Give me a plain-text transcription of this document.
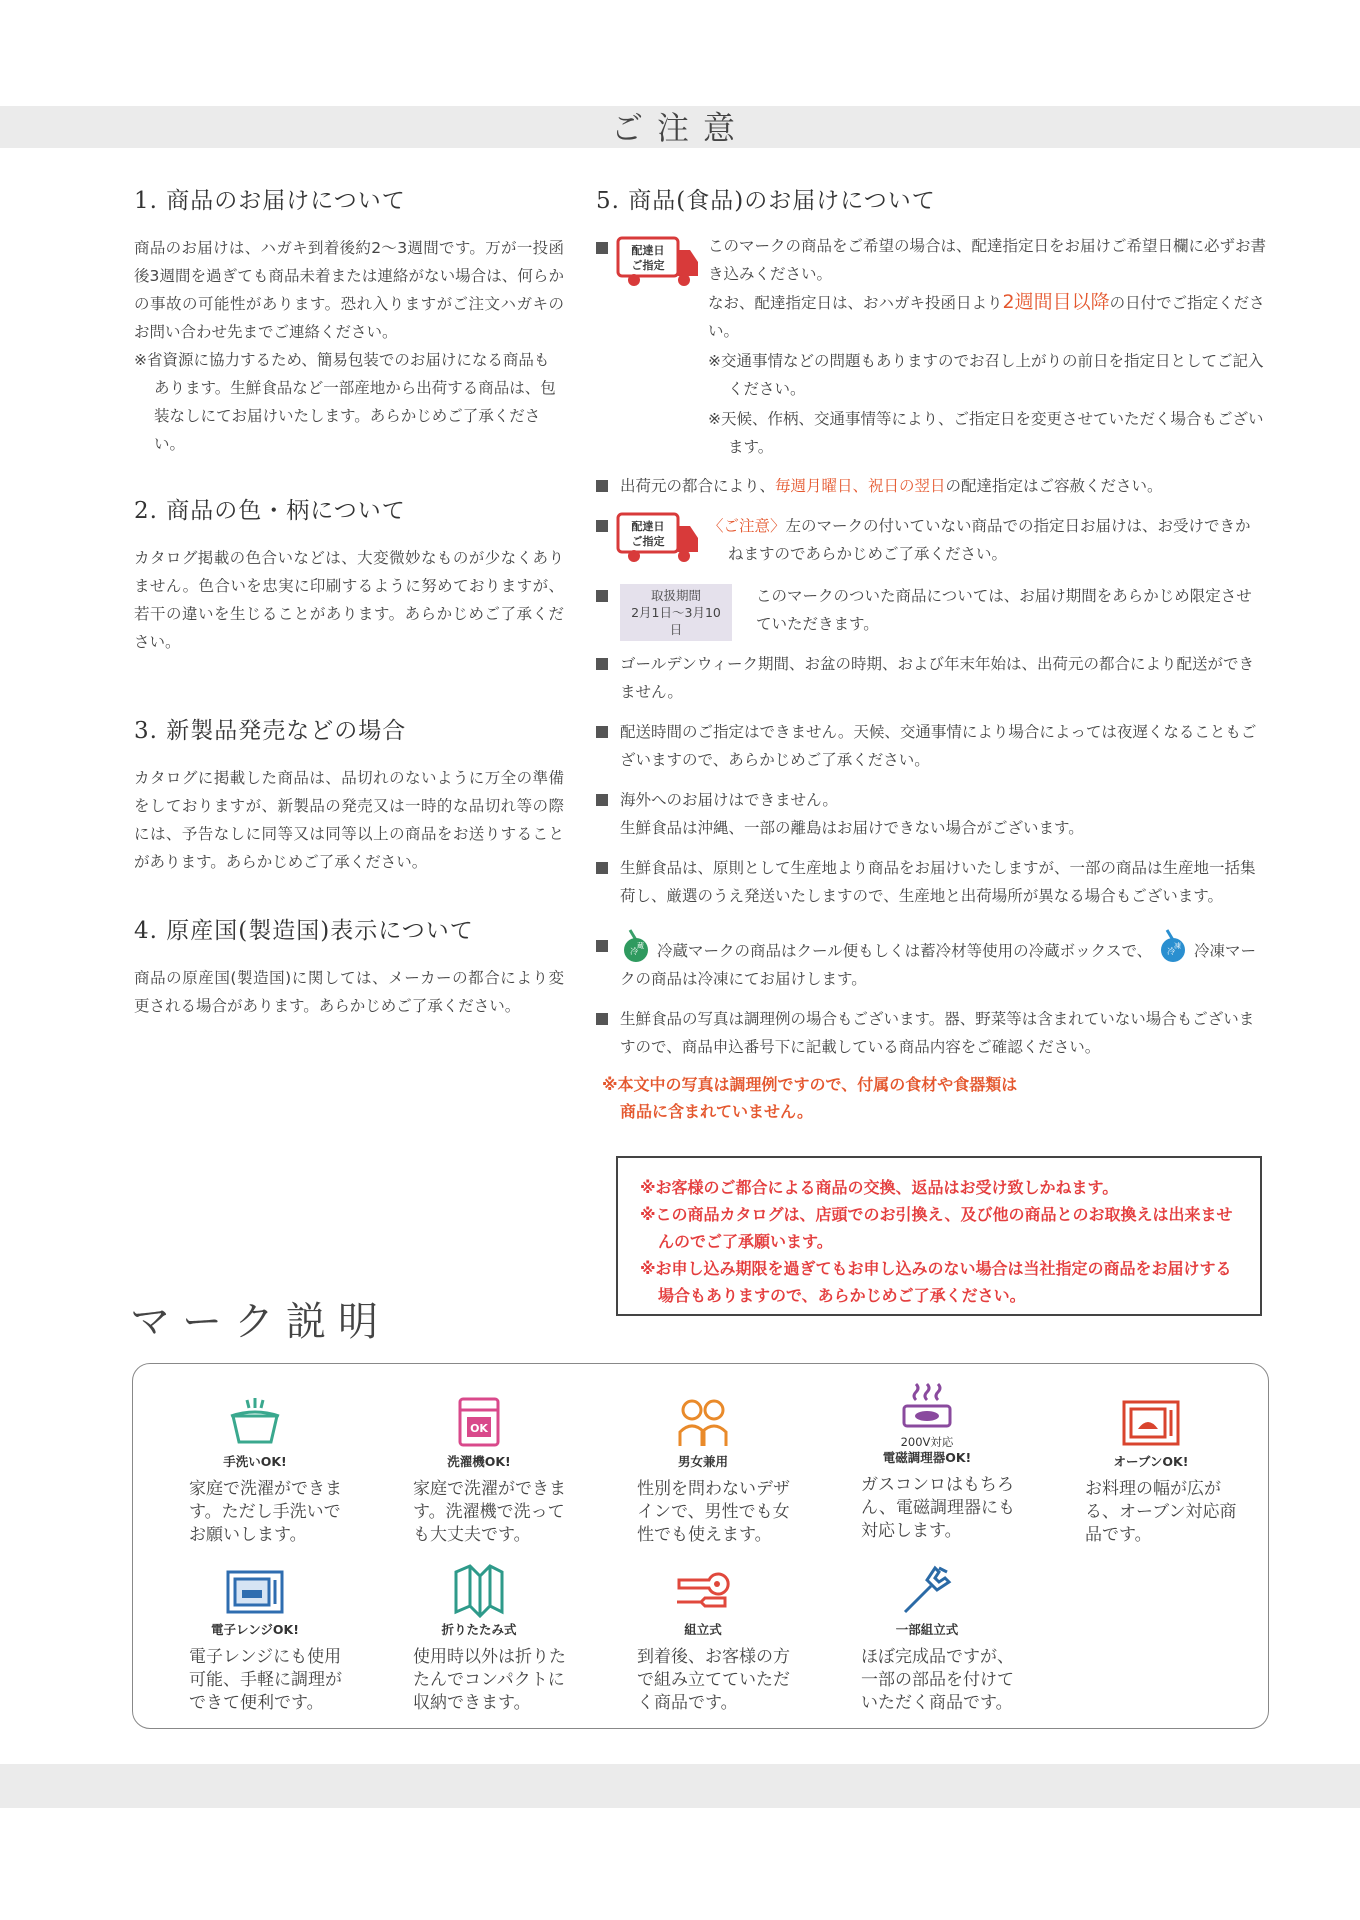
ご注意
1. 商品のお届けについて
商品のお届けは、ハガキ到着後約2～3週間です。万が一投函後3週間を過ぎても商品未着または連絡がない場合は、何らかの事故の可能性があります。恐れ入りますがご注文ハガキのお問い合わせ先までご連絡ください。
※省資源に協力するため、簡易包装でのお届けになる商品もあります。生鮮食品など一部産地から出荷する商品は、包装なしにてお届けいたします。あらかじめご了承ください。
2. 商品の色・柄について
カタログ掲載の色合いなどは、大変微妙なものが少なくありません。色合いを忠実に印刷するように努めておりますが、若干の違いを生じることがあります。あらかじめご了承ください。
3. 新製品発売などの場合
カタログに掲載した商品は、品切れのないように万全の準備をしておりますが、新製品の発売又は一時的な品切れ等の際には、予告なしに同等又は同等以上の商品をお送りすることがあります。あらかじめご了承ください。
4. 原産国(製造国)表示について
商品の原産国(製造国)に関しては、メーカーの都合により変更される場合があります。あらかじめご了承ください。
5. 商品(食品)のお届けについて
配達日
ご指定
このマークの商品をご希望の場合は、配達指定日をお届けご希望日欄に必ずお書き込みください。
なお、配達指定日は、おハガキ投函日より2週間目以降の日付でご指定ください。
※交通事情などの問題もありますのでお召し上がりの前日を指定日としてご記入ください。
※天候、作柄、交通事情等により、ご指定日を変更させていただく場合もございます。
出荷元の都合により、毎週月曜日、祝日の翌日の配達指定はご容赦ください。
配達日
ご指定
〈ご注意〉左のマークの付いていない商品での指定日お届けは、お受けできかねますのであらかじめご了承ください。
取扱期間
2月1日～3月10日
このマークのついた商品については、お届け期間をあらかじめ限定させていただきます。
ゴールデンウィーク期間、お盆の時期、および年末年始は、出荷元の都合により配送ができません。
配送時間のご指定はできません。天候、交通事情により場合によっては夜遅くなることもございますので、あらかじめご了承ください。
海外へのお届けはできません。
生鮮食品は沖縄、一部の離島はお届けできない場合がございます。
生鮮食品は、原則として生産地より商品をお届けいたしますが、一部の商品は生産地一括集荷し、厳選のうえ発送いたしますので、生産地と出荷場所が異なる場合もございます。
冷
蔵 冷蔵マークの商品はクール便もしくは蓄冷材等使用の冷蔵ボックスで、 冷
凍 冷凍マークの商品は冷凍にてお届けします。
生鮮食品の写真は調理例の場合もございます。器、野菜等は含まれていない場合もございますので、商品申込番号下に記載している商品内容をご確認ください。
※本文中の写真は調理例ですので、付属の食材や食器類は
商品に含まれていません。
※お客様のご都合による商品の交換、返品はお受け致しかねます。
※この商品カタログは、店頭でのお引換え、及び他の商品とのお取換えは出来ませんのでご了承願います。
※お申し込み期限を過ぎてもお申し込みのない場合は当社指定の商品をお届けする場合もありますので、あらかじめご了承ください。
マーク説明
手洗いOK!
家庭で洗濯ができます。ただし手洗いでお願いします。
OK
洗濯機OK!
家庭で洗濯ができます。洗濯機で洗っても大丈夫です。
男女兼用
性別を問わないデザインで、男性でも女性でも使えます。
200V対応
電磁調理器OK!
ガスコンロはもちろん、電磁調理器にも対応します。
オーブンOK!
お料理の幅が広がる、オーブン対応商品です。
電子レンジOK!
電子レンジにも使用可能、手軽に調理ができて便利です。
折りたたみ式
使用時以外は折りたたんでコンパクトに収納できます。
組立式
到着後、お客様の方で組み立てていただく商品です。
一部組立式
ほぼ完成品ですが、一部の部品を付けていただく商品です。
